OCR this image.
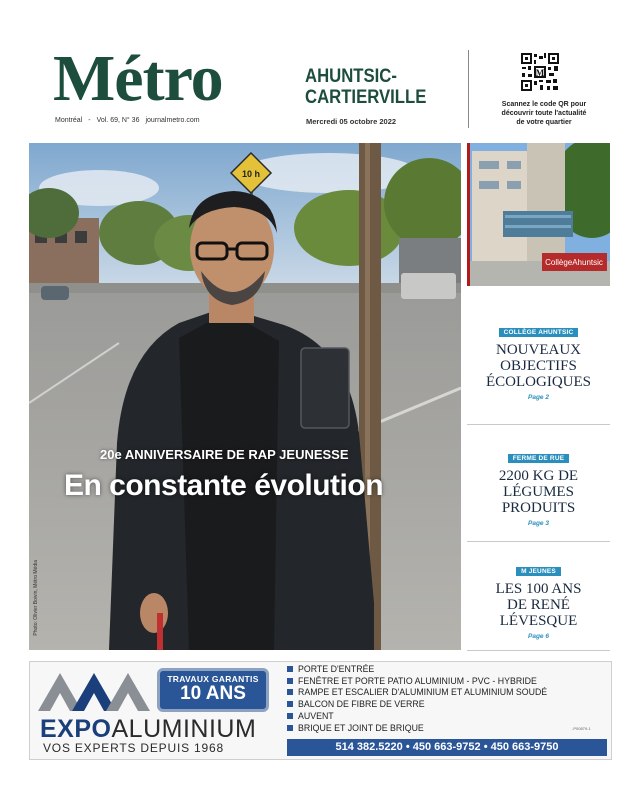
Métro	AHUNTSIC-
CARTIERVILLE
Montréal - Vol. 69, N° 36 journalmetro.com	Mercredi 05 octobre 2022
M
Scannez le code QR pour
découvrir toute l'actualité
de votre quartier
10 h
Photo: Olivier Boivin, Métro Média
20e ANNIVERSAIRE DE RAP JEUNESSE
En constante évolution
CollègeAhuntsic
COLLÈGE AHUNTSIC
NOUVEAUX
OBJECTIFS
ÉCOLOGIQUES
Page 2
FERME DE RUE
2200 KG DE
LÉGUMES
PRODUITS
Page 3
M JEUNES
LES 100 ANS
DE RENÉ
LÉVESQUE
Page 6
TRAVAUX GARANTIS
10 ANS
EXPOALUMINIUM
VOS EXPERTS DEPUIS 1968
PORTE D'ENTRÉE
FENÊTRE ET PORTE PATIO ALUMINIUM - PVC - HYBRIDE
RAMPE ET ESCALIER D'ALUMINIUM ET ALUMINIUM SOUDÉ
BALCON DE FIBRE DE VERRE
AUVENT
BRIQUE ET JOINT DE BRIQUE	-P00879-1
514 382.5220 • 450 663-9752 • 450 663-9750
